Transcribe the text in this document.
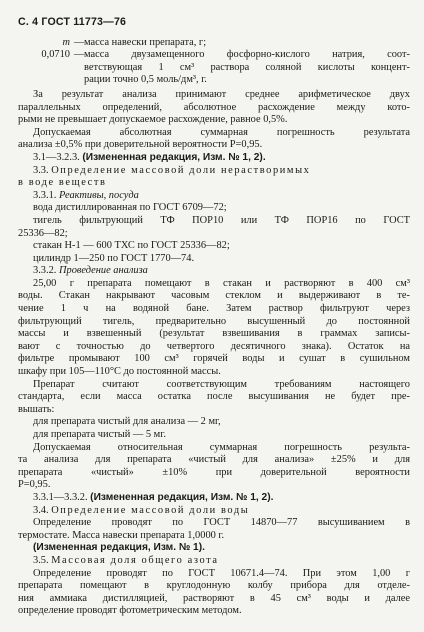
С. 4 ГОСТ 11773—76
m — масса навески препарата, г;
0,0710 — масса двузамещенного фосфорно-кислого натрия, соот-
ветствующая 1 см³ раствора соляной кислоты концент-
рации точно 0,5 моль/дм³, г.
За результат анализа принимают среднее арифметическое двух
параллельных определений, абсолютное расхождение между кото-
рыми не превышает допускаемое расхождение, равное 0,5%.
Допускаемая абсолютная суммарная погрешность результата
анализа ±0,5% при доверительной вероятности P=0,95.
3.1—3.2.3. (Измененная редакция, Изм. № 1, 2).
3.3. Определение массовой доли нерастворимых
в воде веществ
3.3.1. Реактивы, посуда
вода дистиллированная по ГОСТ 6709—72;
тигель фильтрующий ТФ ПОР10 или ТФ ПОР16 по ГОСТ
25336—82;
стакан Н-1 — 600 ТХС по ГОСТ 25336—82;
цилиндр 1—250 по ГОСТ 1770—74.
3.3.2. Проведение анализа
25,00 г препарата помещают в стакан и растворяют в 400 см³
воды. Стакан накрывают часовым стеклом и выдерживают в те-
чение 1 ч на водяной бане. Затем раствор фильтруют через
фильтрующий тигель, предварительно высушенный до постоянной
массы и взвешенный (результат взвешивания в граммах записы-
вают с точностью до четвертого десятичного знака). Остаток на
фильтре промывают 100 см³ горячей воды и сушат в сушильном
шкафу при 105—110°С до постоянной массы.
Препарат считают соответствующим требованиям настоящего
стандарта, если масса остатка после высушивания не будет пре-
вышать:
для препарата чистый для анализа — 2 мг,
для препарата чистый — 5 мг.
Допускаемая относительная суммарная погрешность результа-
та анализа для препарата «чистый для анализа» ±25% и для
препарата «чистый» ±10% при доверительной вероятности
P=0,95.
3.3.1—3.3.2. (Измененная редакция, Изм. № 1, 2).
3.4. Определение массовой доли воды
Определение проводят по ГОСТ 14870—77 высушиванием в
термостате. Масса навески препарата 1,0000 г.
(Измененная редакция, Изм. № 1).
3.5. Массовая доля общего азота
Определение проводят по ГОСТ 10671.4—74. При этом 1,00 г
препарата помещают в круглодонную колбу прибора для отделе-
ния аммиака дистилляцией, растворяют в 45 см³ воды и далее
определение проводят фотометрическим методом.
